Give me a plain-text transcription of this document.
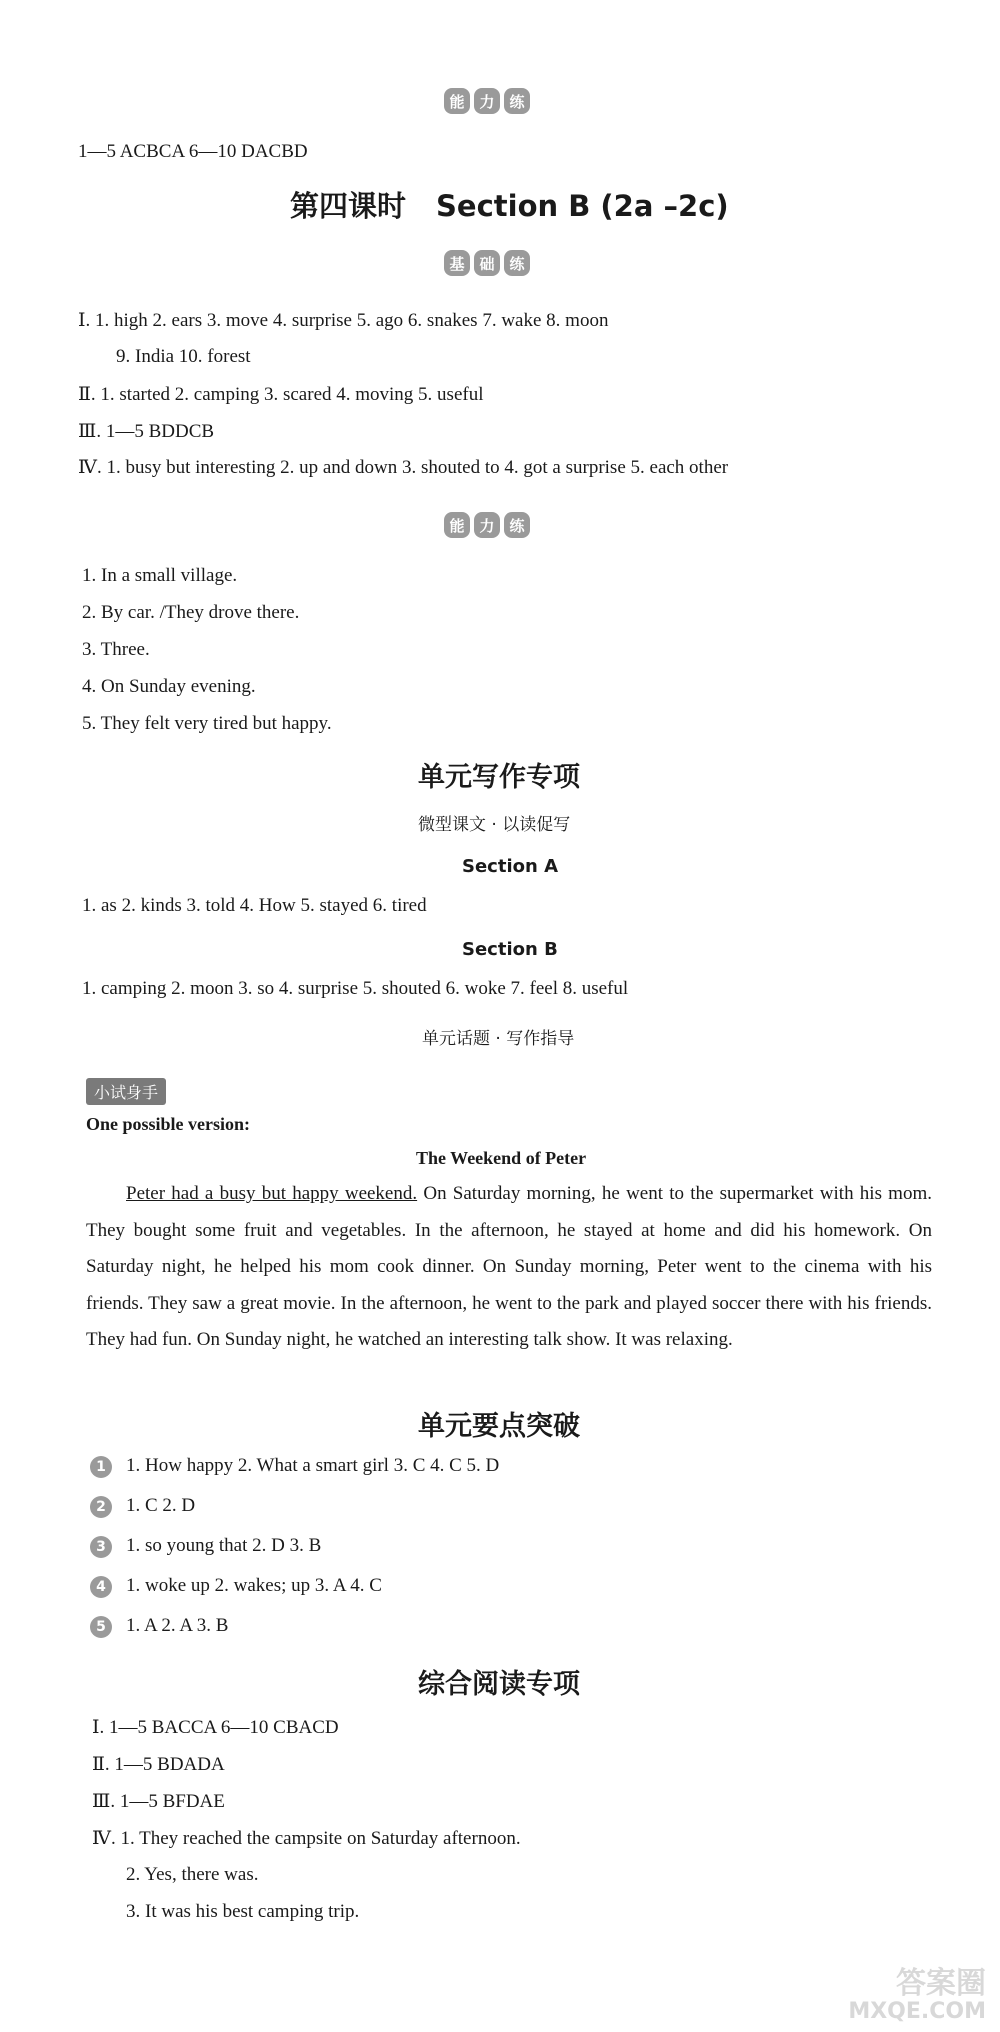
能 力 练
1—5 ACBCA 6—10 DACBD
第四课时 Section B (2a –2c)
基 础 练
Ⅰ. 1. high 2. ears 3. move 4. surprise 5. ago 6. snakes 7. wake 8. moon
9. India 10. forest
Ⅱ. 1. started 2. camping 3. scared 4. moving 5. useful
Ⅲ. 1—5 BDDCB
Ⅳ. 1. busy but interesting 2. up and down 3. shouted to 4. got a surprise 5. each other
能 力 练
1. In a small village.
2. By car. /They drove there.
3. Three.
4. On Sunday evening.
5. They felt very tired but happy.
单元写作专项
微型课文 · 以读促写
Section A
1. as 2. kinds 3. told 4. How 5. stayed 6. tired
Section B
1. camping 2. moon 3. so 4. surprise 5. shouted 6. woke 7. feel 8. useful
单元话题 · 写作指导
小试身手
One possible version:
The Weekend of Peter
Peter had a busy but happy weekend. On Saturday morning, he went to the supermarket with his mom. They bought some fruit and vegetables. In the afternoon, he stayed at home and did his homework. On Saturday night, he helped his mom cook dinner. On Sunday morning, Peter went to the cinema with his friends. They saw a great movie. In the afternoon, he went to the park and played soccer there with his friends. They had fun. On Sunday night, he watched an interesting talk show. It was relaxing.
单元要点突破
1 1. How happy 2. What a smart girl 3. C 4. C 5. D
2 1. C 2. D
3 1. so young that 2. D 3. B
4 1. woke up 2. wakes; up 3. A 4. C
5 1. A 2. A 3. B
综合阅读专项
Ⅰ. 1—5 BACCA 6—10 CBACD
Ⅱ. 1—5 BDADA
Ⅲ. 1—5 BFDAE
Ⅳ. 1. They reached the campsite on Saturday afternoon.
2. Yes, there was.
3. It was his best camping trip.
答案圈
MXQE.COM
